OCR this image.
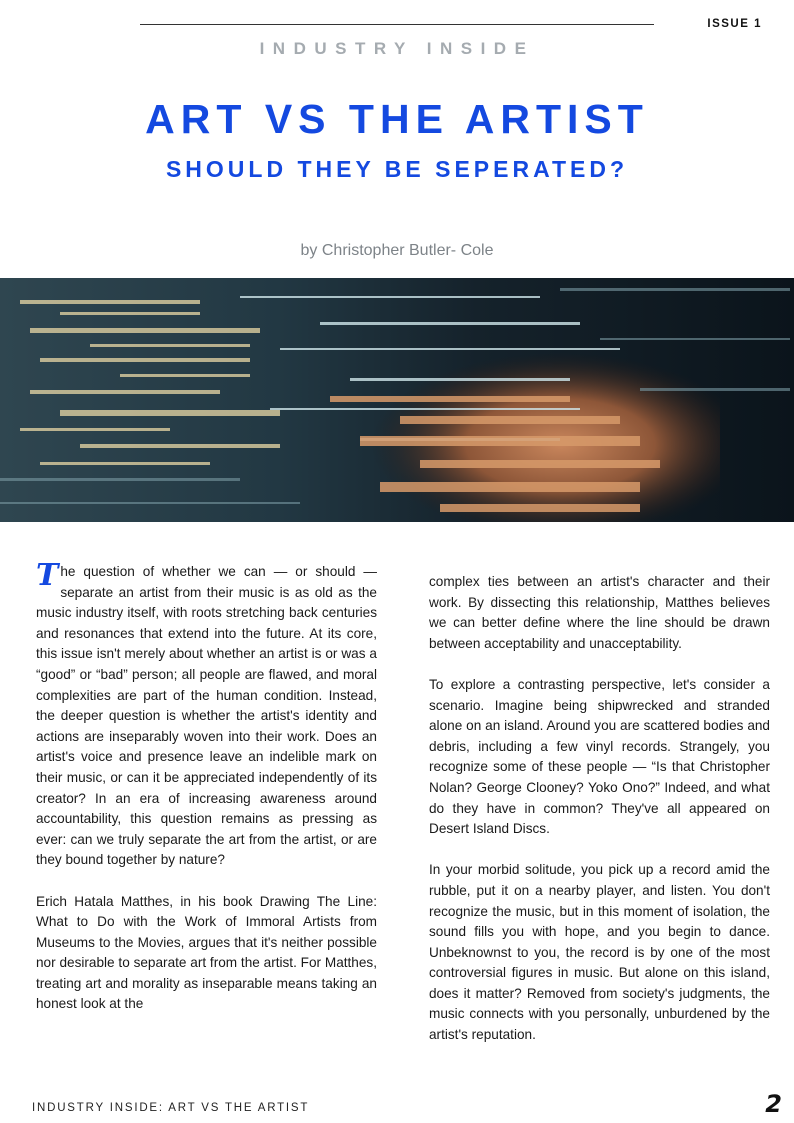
ISSUE 1
INDUSTRY INSIDE
ART VS THE ARTIST
SHOULD THEY BE SEPERATED?
by Christopher Butler- Cole

The question of whether we can — or should — separate an artist from their music is as old as the music industry itself, with roots stretching back centuries and resonances that extend into the future. At its core, this issue isn't merely about whether an artist is or was a “good” or “bad” person; all people are flawed, and moral complexities are part of the human condition. Instead, the deeper question is whether the artist's identity and actions are inseparably woven into their work. Does an artist's voice and presence leave an indelible mark on their music, or can it be appreciated independently of its creator? In an era of increasing awareness around accountability, this question remains as pressing as ever: can we truly separate the art from the artist, or are they bound together by nature?

Erich Hatala Matthes, in his book Drawing The Line: What to Do with the Work of Immoral Artists from Museums to the Movies, argues that it's neither possible nor desirable to separate art from the artist. For Matthes, treating art and morality as inseparable means taking an honest look at the

complex ties between an artist's character and their work. By dissecting this relationship, Matthes believes we can better define where the line should be drawn between acceptability and unacceptability.

To explore a contrasting perspective, let's consider a scenario. Imagine being shipwrecked and stranded alone on an island. Around you are scattered bodies and debris, including a few vinyl records. Strangely, you recognize some of these people — “Is that Christopher Nolan? George Clooney? Yoko Ono?” Indeed, and what do they have in common? They've all appeared on Desert Island Discs.

In your morbid solitude, you pick up a record amid the rubble, put it on a nearby player, and listen. You don't recognize the music, but in this moment of isolation, the sound fills you with hope, and you begin to dance. Unbeknownst to you, the record is by one of the most controversial figures in music. But alone on this island, does it matter? Removed from society's judgments, the music connects with you personally, unburdened by the artist's reputation.

INDUSTRY INSIDE: ART VS THE ARTIST	2
